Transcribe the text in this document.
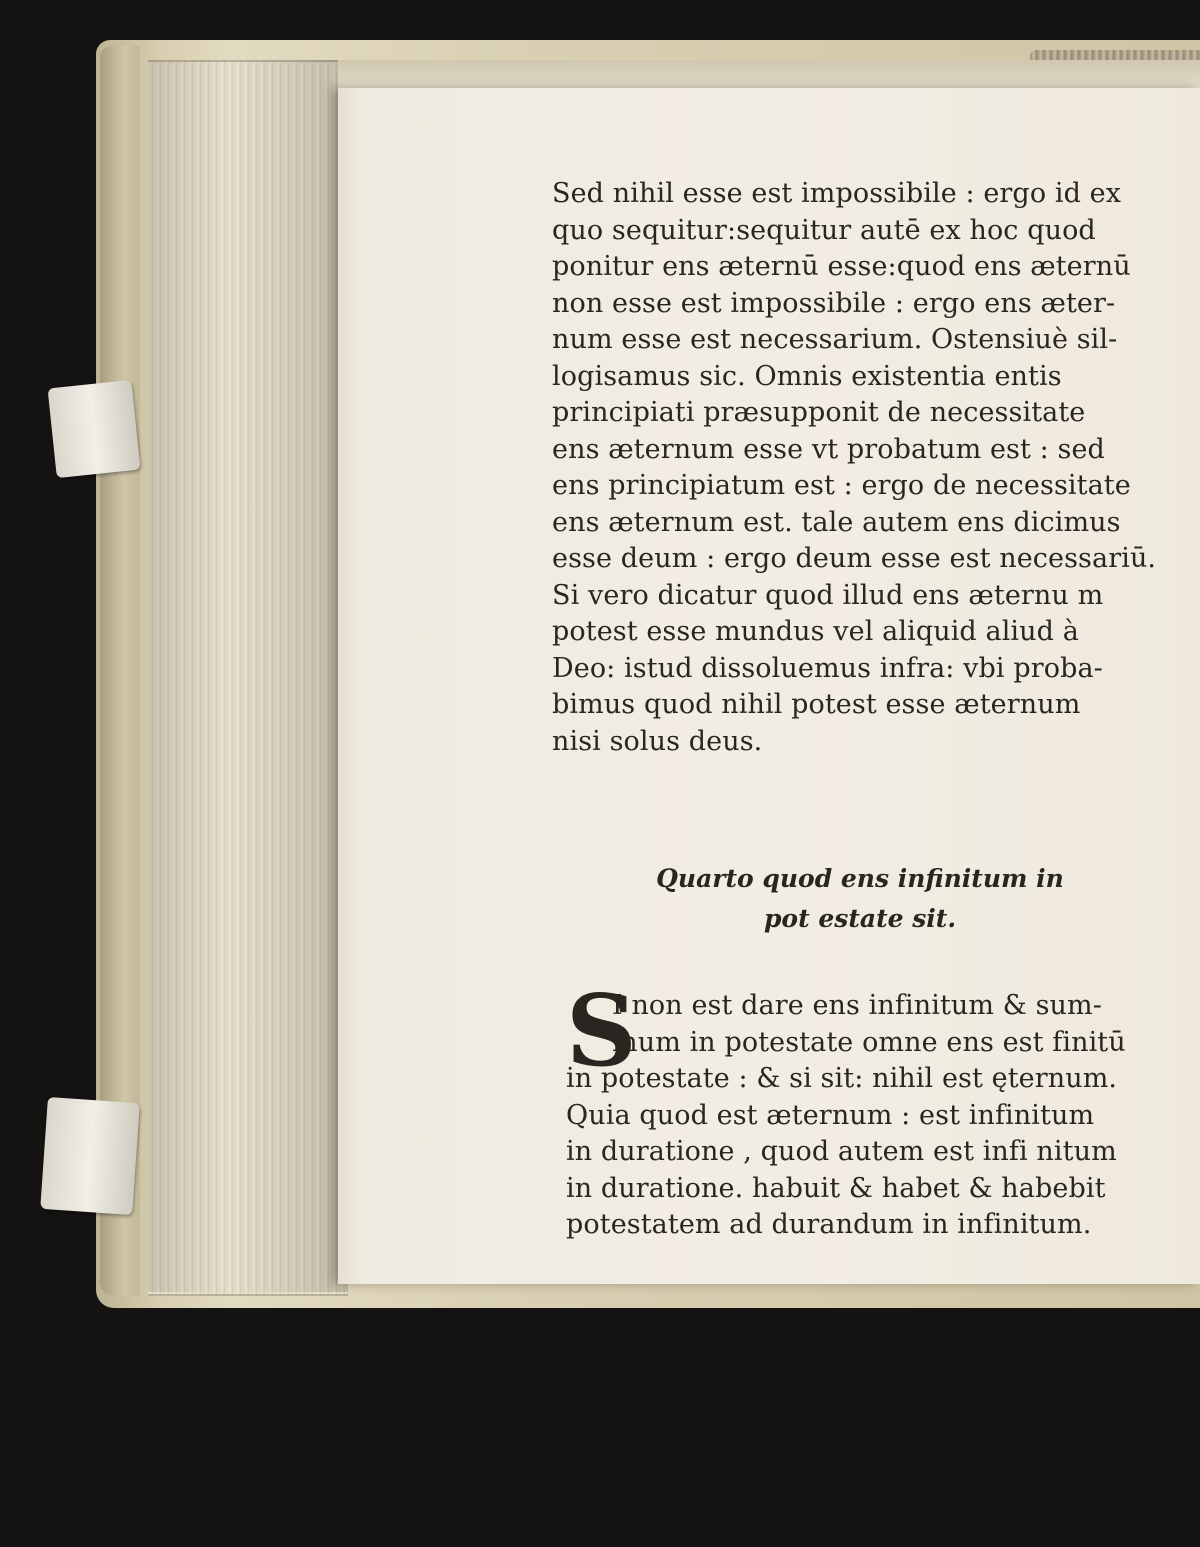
Sed nihil esse est impossibile : ergo id ex
quo sequitur:sequitur autē ex hoc quod
ponitur ens æternū esse:quod ens æternū
non esse est impossibile : ergo ens æter-
num esse est necessarium. Ostensiuè sil-
logisamus sic. Omnis existentia entis
principiati præsupponit de necessitate
ens æternum esse vt probatum est : sed
ens principiatum est : ergo de necessitate
ens æternum est. tale autem ens dicimus
esse deum : ergo deum esse est necessariū.
Si vero dicatur quod illud ens æternu m
potest esse mundus vel aliquid aliud à
Deo: istud dissoluemus infra: vbi proba-
bimus quod nihil potest esse æternum
nisi solus deus.
Quarto quod ens infinitum in
pot estate sit.
S
I non est dare ens infinitum & sum-
mum in potestate omne ens est finitū
in potestate : & si sit: nihil est ęternum.
Quia quod est æternum : est infinitum
in duratione , quod autem est infi nitum
in duratione. habuit & habet & habebit
potestatem ad durandum in infinitum.
